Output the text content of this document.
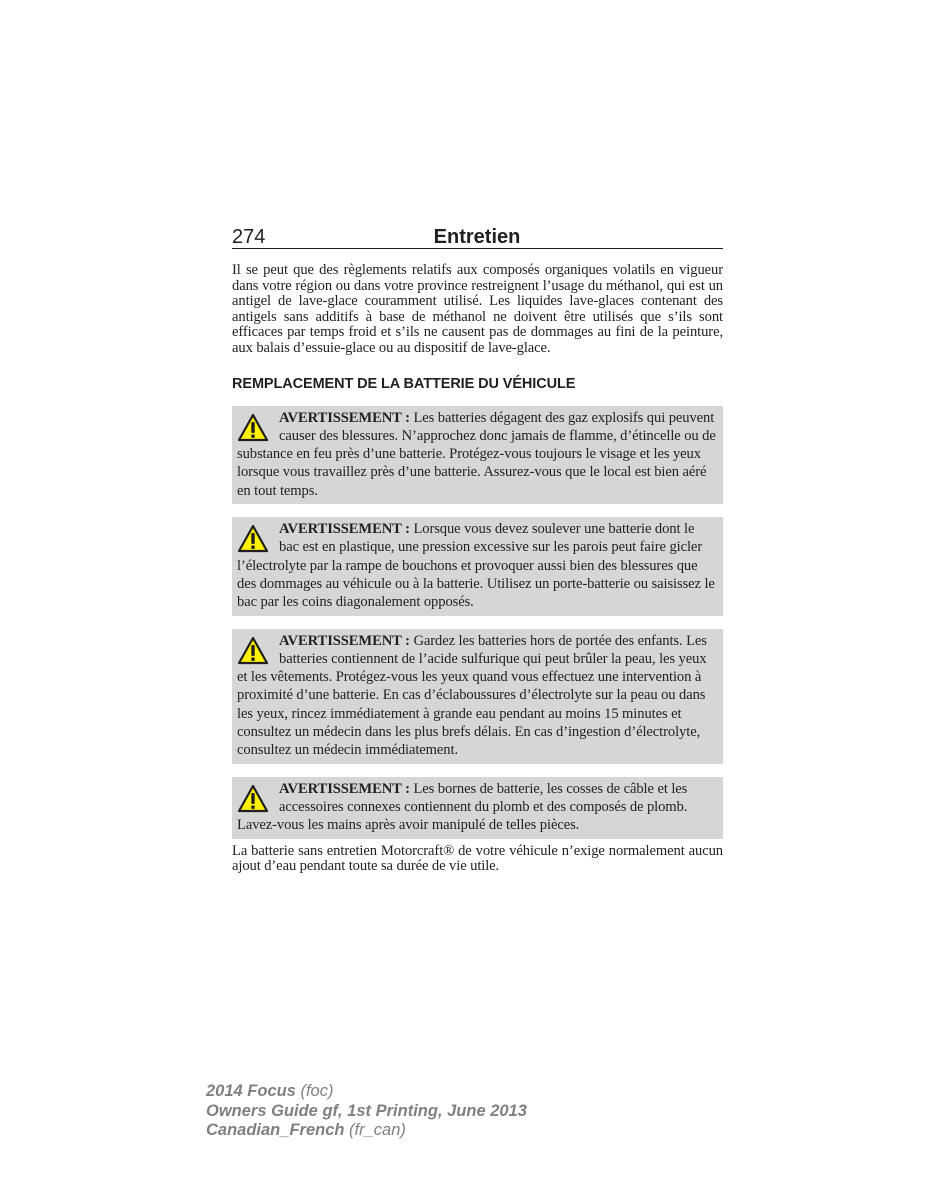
274	Entretien

Il se peut que des règlements relatifs aux composés organiques volatils en vigueur dans votre région ou dans votre province restreignent l’usage du méthanol, qui est un antigel de lave-glace couramment utilisé. Les liquides lave-glaces contenant des antigels sans additifs à base de méthanol ne doivent être utilisés que s’ils sont efficaces par temps froid et s’ils ne causent pas de dommages au fini de la peinture, aux balais d’essuie-glace ou au dispositif de lave-glace.

REMPLACEMENT DE LA BATTERIE DU VÉHICULE

AVERTISSEMENT : Les batteries dégagent des gaz explosifs qui peuvent causer des blessures. N’approchez donc jamais de flamme, d’étincelle ou de substance en feu près d’une batterie. Protégez-vous toujours le visage et les yeux lorsque vous travaillez près d’une batterie. Assurez-vous que le local est bien aéré en tout temps.

AVERTISSEMENT : Lorsque vous devez soulever une batterie dont le bac est en plastique, une pression excessive sur les parois peut faire gicler l’électrolyte par la rampe de bouchons et provoquer aussi bien des blessures que des dommages au véhicule ou à la batterie. Utilisez un porte-batterie ou saisissez le bac par les coins diagonalement opposés.

AVERTISSEMENT : Gardez les batteries hors de portée des enfants. Les batteries contiennent de l’acide sulfurique qui peut brûler la peau, les yeux et les vêtements. Protégez-vous les yeux quand vous effectuez une intervention à proximité d’une batterie. En cas d’éclaboussures d’électrolyte sur la peau ou dans les yeux, rincez immédiatement à grande eau pendant au moins 15 minutes et consultez un médecin dans les plus brefs délais. En cas d’ingestion d’électrolyte, consultez un médecin immédiatement.

AVERTISSEMENT : Les bornes de batterie, les cosses de câble et les accessoires connexes contiennent du plomb et des composés de plomb. Lavez-vous les mains après avoir manipulé de telles pièces.

La batterie sans entretien Motorcraft® de votre véhicule n’exige normalement aucun ajout d’eau pendant toute sa durée de vie utile.

2014 Focus (foc)
Owners Guide gf, 1st Printing, June 2013
Canadian_French (fr_can)
